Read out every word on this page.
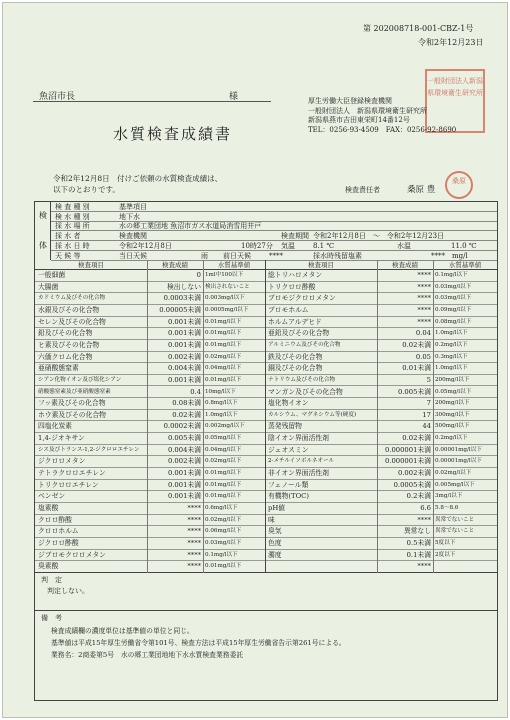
第 202008718-001-CBZ-1号
令和2年12月23日
一般財団法人新潟県環境衛生研究所
魚沼市長	様	厚生労働大臣登録検査機関
一般財団法人　新潟県環境衛生研究所
新潟県燕市吉田東栄町14番12号
TEL：0256-93-4509　FAX：0256-92-8690
水質検査成績書
令和2年12月8日　付けご依頼の水質検査成績は、
以下のとおりです。	検査責任者	桑原 豊
桑原
検
体
検 査 種 別	基準項目
検 水 種 別	地下水
採 水 場 所	水の郷工業団地 魚沼市ガス水道局消雪用井戸
採 水 者	検査機関	検査期間 令和2年12月8日　～　令和2年12月23日
採 水 日 時	令和2年12月8日	10時27分 気温	8.1 ℃	水温	11.0 ℃
天 候 等	当日天候	雨 前日天候	****	採水時残留塩素	****　mg/l
検査項目	検査成績	水質基準値	検査項目	検査成績	水質基準値
一般細菌	0 1ml中100以下	総トリハロメタン	**** 0.1mg/l以下
大腸菌	検出しない 検出されないこと	トリクロロ酢酸	**** 0.03mg/l以下
カドミウム及びその化合物	0.0003未満 0.003mg/l以下	ブロモジクロロメタン	**** 0.03mg/l以下
水銀及びその化合物	0.00005未満 0.0005mg/l以下	ブロモホルム	**** 0.09mg/l以下
セレン及びその化合物	0.001未満 0.01mg/l以下	ホルムアルデヒド	**** 0.08mg/l以下
鉛及びその化合物	0.001未満 0.01mg/l以下	亜鉛及びその化合物	0.04 1.0mg/l以下
ヒ素及びその化合物	0.001未満 0.01mg/l以下	アルミニウム及びその化合物	0.02未満 0.2mg/l以下
六価クロム化合物	0.002未満 0.02mg/l以下	鉄及びその化合物	0.05 0.3mg/l以下
亜硝酸態窒素	0.004未満 0.04mg/l以下	銅及びその化合物	0.01未満 1.0mg/l以下
シアン化物イオン及び塩化シアン	0.001未満 0.01mg/l以下	ナトリウム及びその化合物	5 200mg/l以下
硝酸態窒素及び亜硝酸態窒素	0.4 10mg/l以下	マンガン及びその化合物	0.005未満 0.05mg/l以下
フッ素及びその化合物	0.08未満 0.8mg/l以下	塩化物イオン	7 200mg/l以下
ホウ素及びその化合物	0.02未満 1.0mg/l以下	カルシウム、マグネシウム等(硬度)	17 300mg/l以下
四塩化炭素	0.0002未満 0.002mg/l以下	蒸発残留物	44 500mg/l以下
1,4-ジオキサン	0.005未満 0.05mg/l以下	陰イオン界面活性剤	0.02未満 0.2mg/l以下
シス及びトランス-1,2-ジクロロエチレン	0.004未満 0.04mg/l以下	ジェオスミン	0.000001未満 0.00001mg/l以下
ジクロロメタン	0.002未満 0.02mg/l以下	2-メチルイソボルネオール	0.000001未満 0.00001mg/l以下
テトラクロロエチレン	0.001未満 0.01mg/l以下	非イオン界面活性剤	0.002未満 0.02mg/l以下
トリクロロエチレン	0.001未満 0.01mg/l以下	フェノール類	0.0005未満 0.005mg/l以下
ベンゼン	0.001未満 0.01mg/l以下	有機物(TOC)	0.2未満 3mg/l以下
塩素酸	**** 0.6mg/l以下	pH値	6.6 5.8～8.6
クロロ酢酸	**** 0.02mg/l以下	味	**** 異常でないこと
クロロホルム	**** 0.06mg/l以下	臭気	異常なし 異常でないこと
ジクロロ酢酸	**** 0.03mg/l以下	色度	0.5未満 5度以下
ジブロモクロロメタン	**** 0.1mg/l以下	濁度	0.1未満 2度以下
臭素酸	**** 0.01mg/l以下	****
判　定
判定しない。
備　考
検査成績欄の濃度単位は基準値の単位と同じ。
基準値は平成15年厚生労働省令第101号、検査方法は平成15年厚生労働省告示第261号による。
業務名：2商委第5号　水の郷工業団地地下水水質検査業務委託
